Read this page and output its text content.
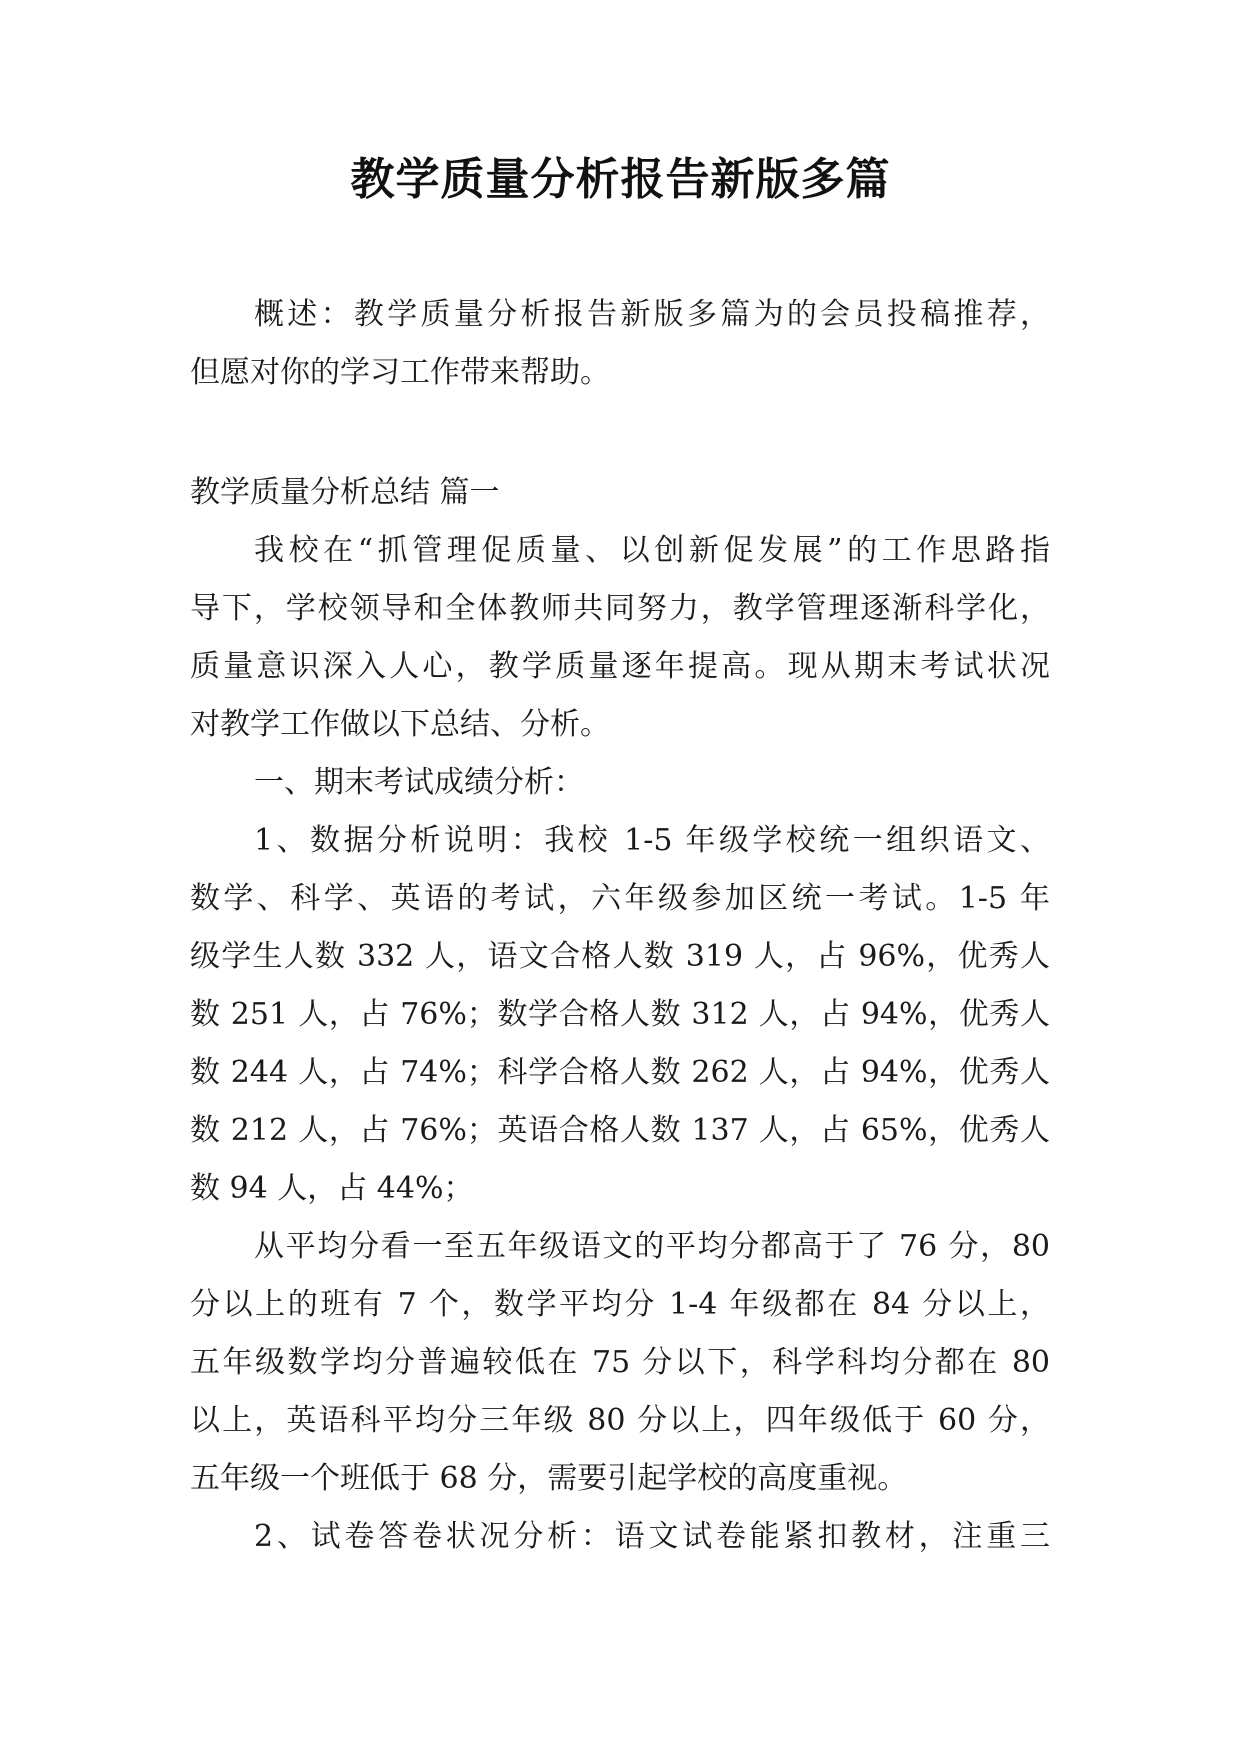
教学质量分析报告新版多篇
概述：教学质量分析报告新版多篇为的会员投稿推荐，
但愿对你的学习工作带来帮助。
教学质量分析总结 篇一
我校在“抓管理促质量、以创新促发展”的工作思路指
导下，学校领导和全体教师共同努力，教学管理逐渐科学化，
质量意识深入人心，教学质量逐年提高。现从期末考试状况
对教学工作做以下总结、分析。
一、期末考试成绩分析：
1、数据分析说明：我校 1-5 年级学校统一组织语文、
数学、科学、英语的考试，六年级参加区统一考试。1-5 年
级学生人数 332 人，语文合格人数 319 人，占 96%，优秀人
数 251 人，占 76%；数学合格人数 312 人，占 94%，优秀人
数 244 人，占 74%；科学合格人数 262 人，占 94%，优秀人
数 212 人，占 76%；英语合格人数 137 人，占 65%，优秀人
数 94 人，占 44%；
从平均分看一至五年级语文的平均分都高于了 76 分，80
分以上的班有 7 个，数学平均分 1-4 年级都在 84 分以上，
五年级数学均分普遍较低在 75 分以下，科学科均分都在 80
以上，英语科平均分三年级 80 分以上，四年级低于 60 分，
五年级一个班低于 68 分，需要引起学校的高度重视。
2、试卷答卷状况分析：语文试卷能紧扣教材，注重三
